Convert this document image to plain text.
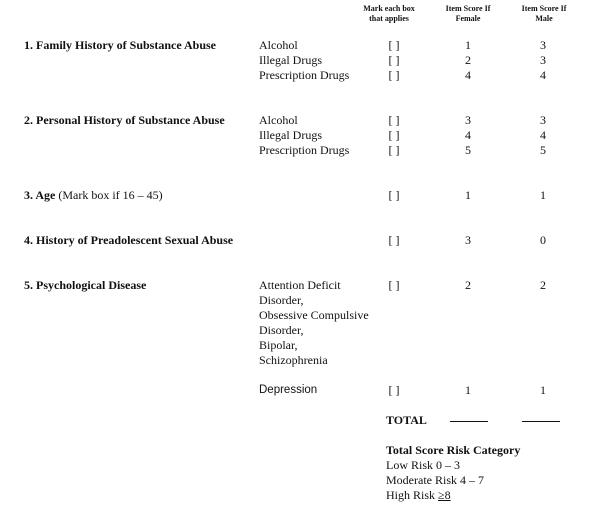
Mark each box that applies
Item Score If Female
Item Score If Male
1. Family History of Substance Abuse	Alcohol	[ ]	1	3
Illegal Drugs	[ ]	2	3
Prescription Drugs	[ ]	4	4
2. Personal History of Substance Abuse	Alcohol	[ ]	3	3
Illegal Drugs	[ ]	4	4
Prescription Drugs	[ ]	5	5
3. Age (Mark box if 16 – 45)	[ ]	1	1
4. History of Preadolescent Sexual Abuse	[ ]	3	0
5. Psychological Disease	Attention Deficit
Disorder,
Obsessive Compulsive
Disorder,
Bipolar,
Schizophrenia
[ ]	2	2
Depression	[ ]	1	1
TOTAL
Total Score Risk Category
Low Risk 0 – 3
Moderate Risk 4 – 7
High Risk ≥8
